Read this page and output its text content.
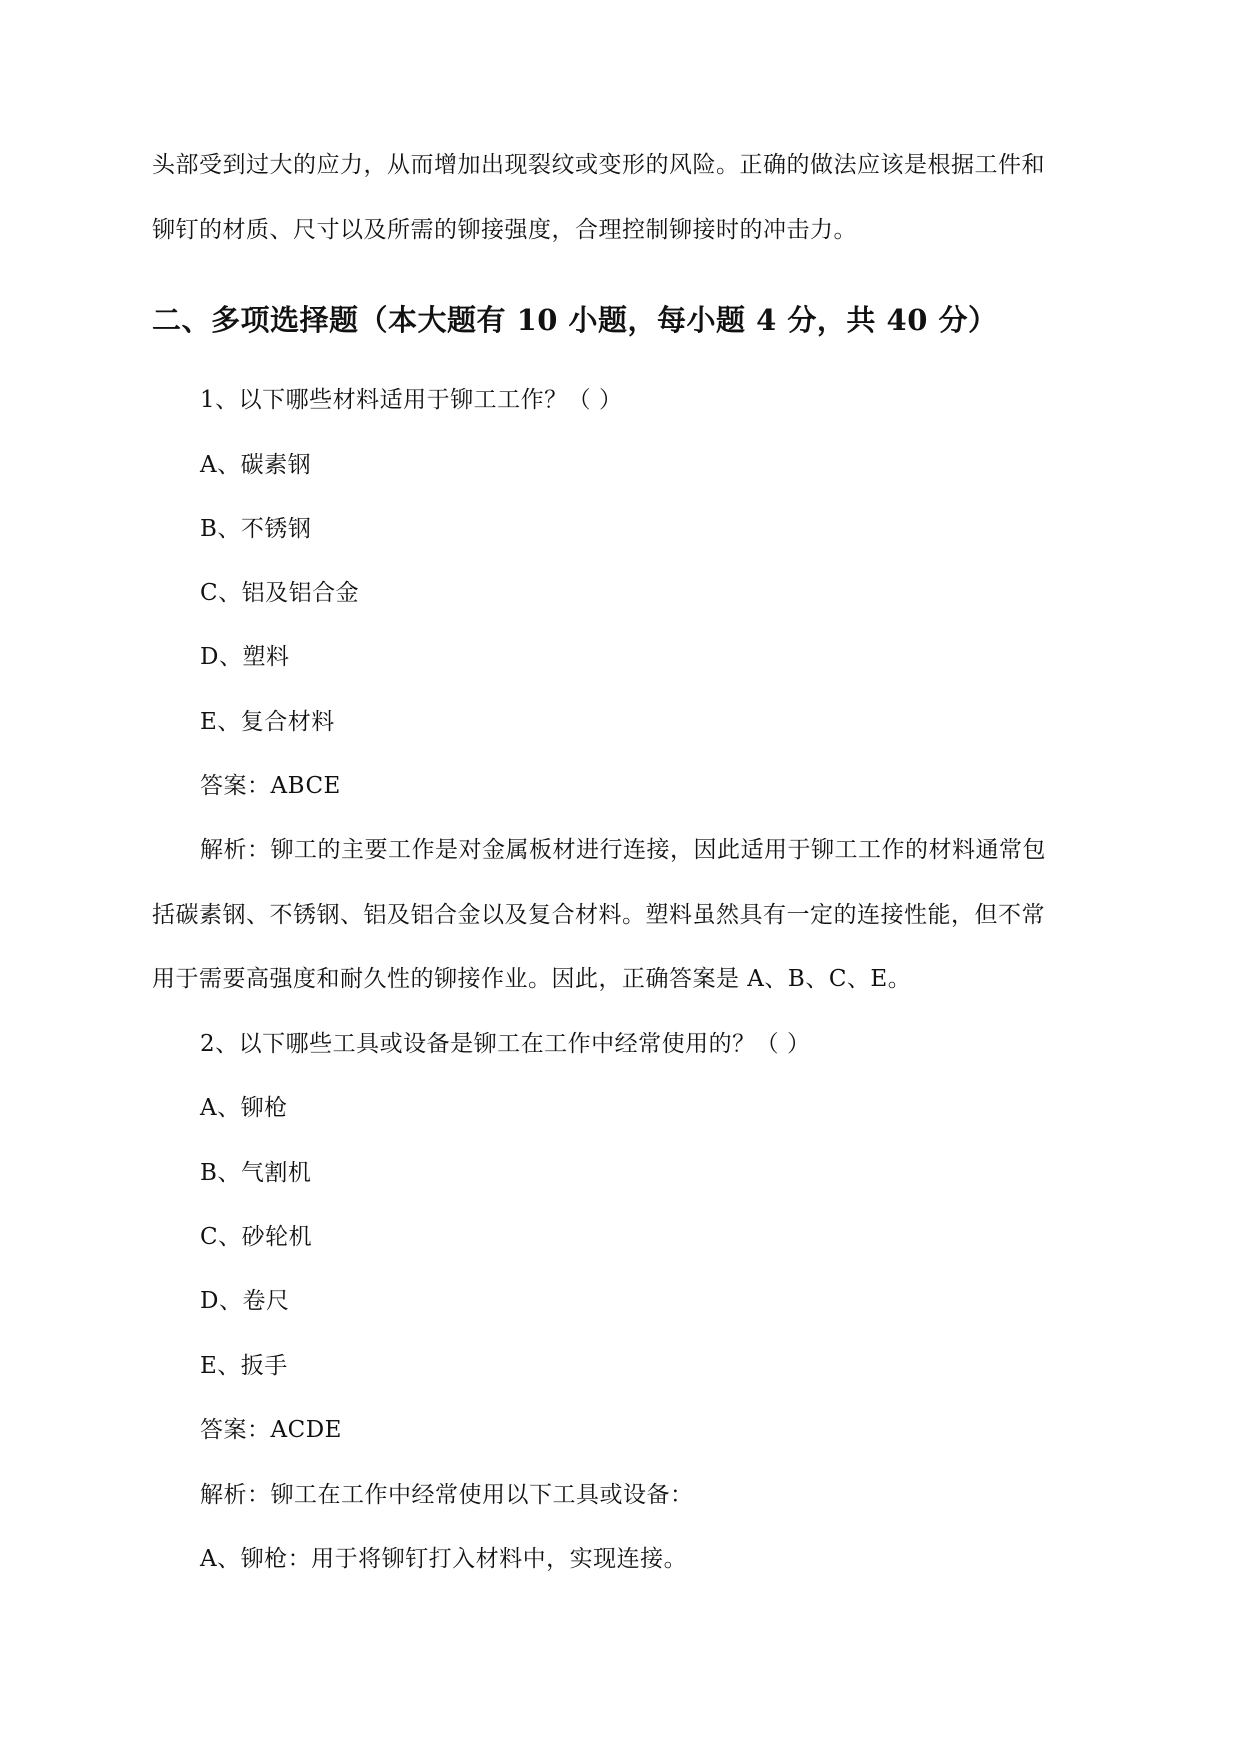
头部受到过大的应力，从而增加出现裂纹或变形的风险。正确的做法应该是根据工件和
铆钉的材质、尺寸以及所需的铆接强度，合理控制铆接时的冲击力。
二、多项选择题（本大题有 10 小题，每小题 4 分，共 40 分）
1、以下哪些材料适用于铆工工作？（ ）
A、碳素钢
B、不锈钢
C、铝及铝合金
D、塑料
E、复合材料
答案：ABCE
解析：铆工的主要工作是对金属板材进行连接，因此适用于铆工工作的材料通常包
括碳素钢、不锈钢、铝及铝合金以及复合材料。塑料虽然具有一定的连接性能，但不常
用于需要高强度和耐久性的铆接作业。因此，正确答案是 A、B、C、E。
2、以下哪些工具或设备是铆工在工作中经常使用的？（ ）
A、铆枪
B、气割机
C、砂轮机
D、卷尺
E、扳手
答案：ACDE
解析：铆工在工作中经常使用以下工具或设备：
A、铆枪：用于将铆钉打入材料中，实现连接。
